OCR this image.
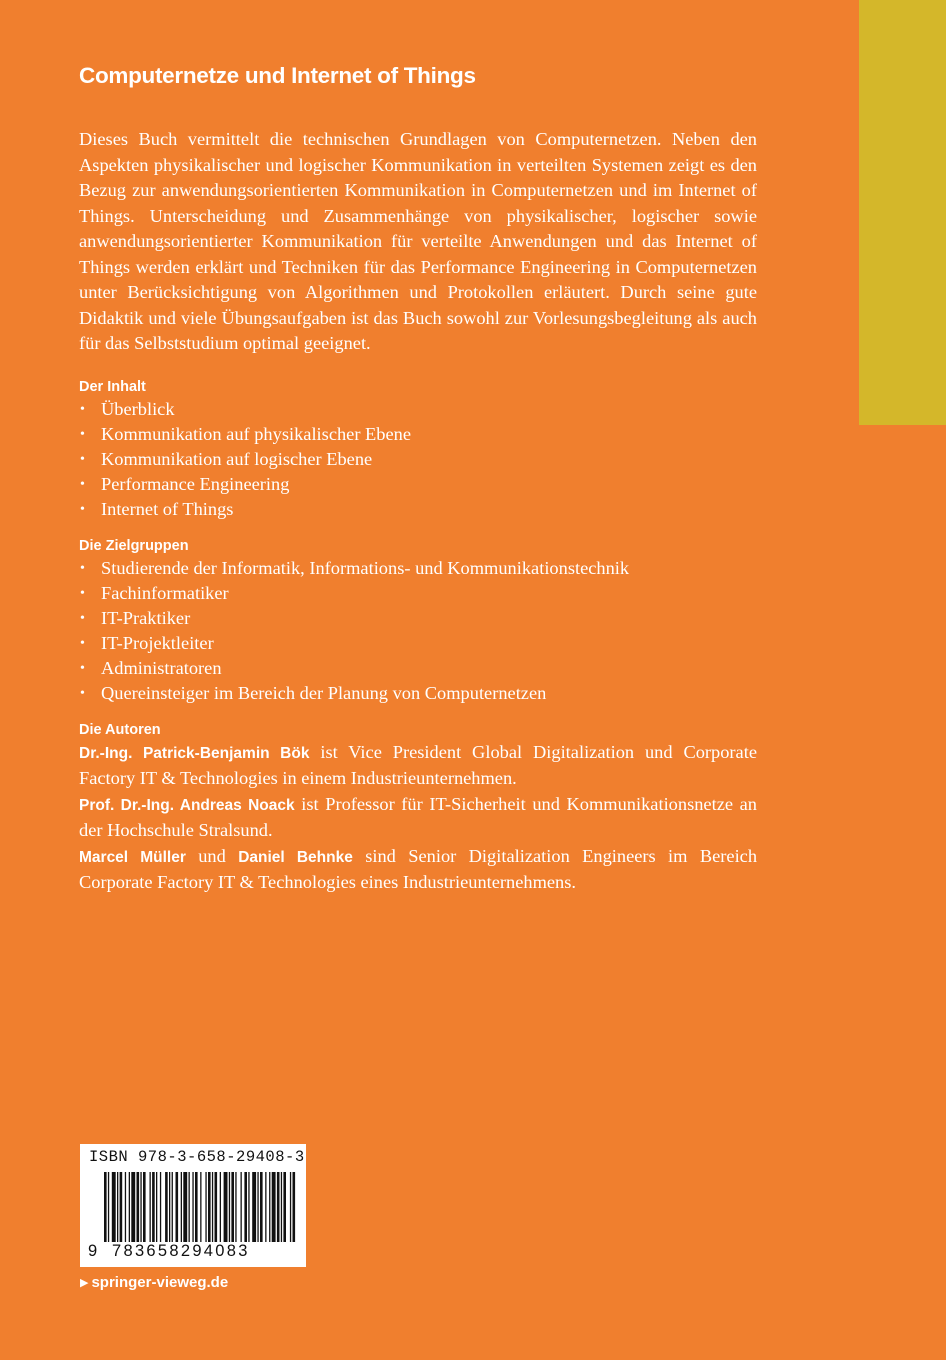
Computernetze und Internet of Things

Dieses Buch vermittelt die technischen Grundlagen von Computernetzen. Neben den Aspekten physikalischer und logischer Kommunikation in verteilten Systemen zeigt es den Bezug zur anwendungsorientierten Kommunikation in Computernetzen und im Internet of Things. Unterscheidung und Zusammenhänge von physikalischer, logischer sowie anwendungsorientierter Kommunikation für verteilte Anwendungen und das Internet of Things werden erklärt und Techniken für das Performance Engineering in Computernetzen unter Berücksichtigung von Algorithmen und Protokollen erläutert. Durch seine gute Didaktik und viele Übungsaufgaben ist das Buch sowohl zur Vorlesungsbegleitung als auch für das Selbststudium optimal geeignet.

Der Inhalt
• Überblick
• Kommunikation auf physikalischer Ebene
• Kommunikation auf logischer Ebene
• Performance Engineering
• Internet of Things
Die Zielgruppen
• Studierende der Informatik, Informations- und Kommunikationstechnik
• Fachinformatiker
• IT-Praktiker
• IT-Projektleiter
• Administratoren
• Quereinsteiger im Bereich der Planung von Computernetzen
Die Autoren

Dr.-Ing. Patrick-Benjamin Bök ist Vice President Global Digitalization und Corporate Factory IT & Technologies in einem Industrieunternehmen.

Prof. Dr.-Ing. Andreas Noack ist Professor für IT-Sicherheit und Kommunikationsnetze an der Hochschule Stralsund.

Marcel Müller und Daniel Behnke sind Senior Digitalization Engineers im Bereich Corporate Factory IT & Technologies eines Industrieunternehmens.

ISBN 978-3-658-29408-3
9 783658294083
▶ springer-vieweg.de
